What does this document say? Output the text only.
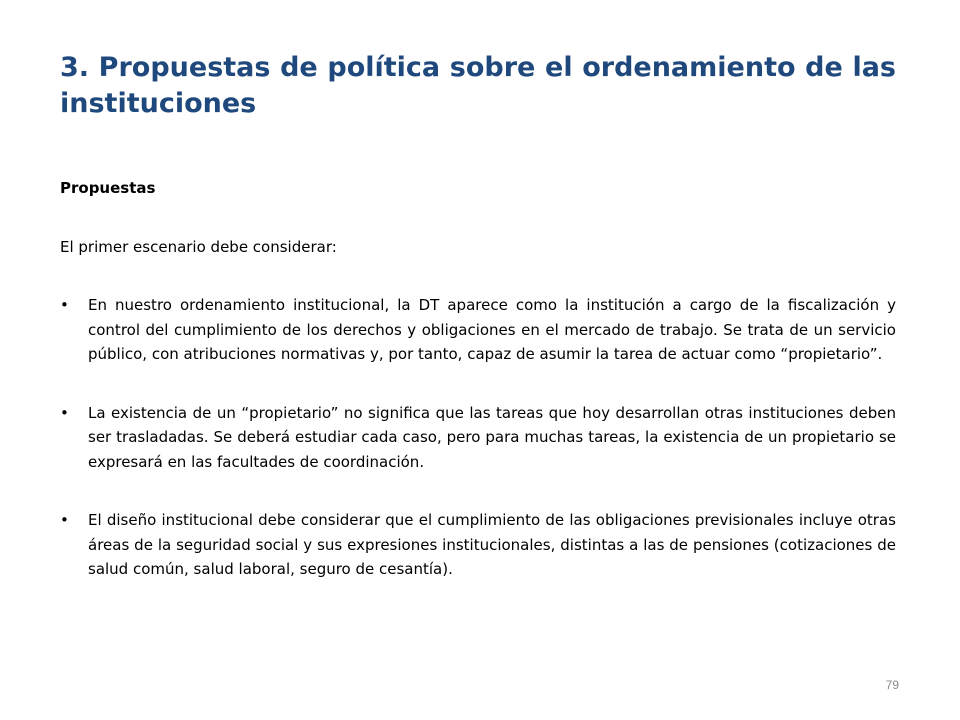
3. Propuestas de política sobre el ordenamiento de las instituciones

Propuestas

El primer escenario debe considerar:

• En nuestro ordenamiento institucional, la DT aparece como la institución a cargo de la fiscalización y control del cumplimiento de los derechos y obligaciones en el mercado de trabajo. Se trata de un servicio público, con atribuciones normativas y, por tanto, capaz de asumir la tarea de actuar como “propietario”.
• La existencia de un “propietario” no significa que las tareas que hoy desarrollan otras instituciones deben ser trasladadas. Se deberá estudiar cada caso, pero para muchas tareas, la existencia de un propietario se expresará en las facultades de coordinación.
• El diseño institucional debe considerar que el cumplimiento de las obligaciones previsionales incluye otras áreas de la seguridad social y sus expresiones institucionales, distintas a las de pensiones (cotizaciones de salud común, salud laboral, seguro de cesantía).
79
